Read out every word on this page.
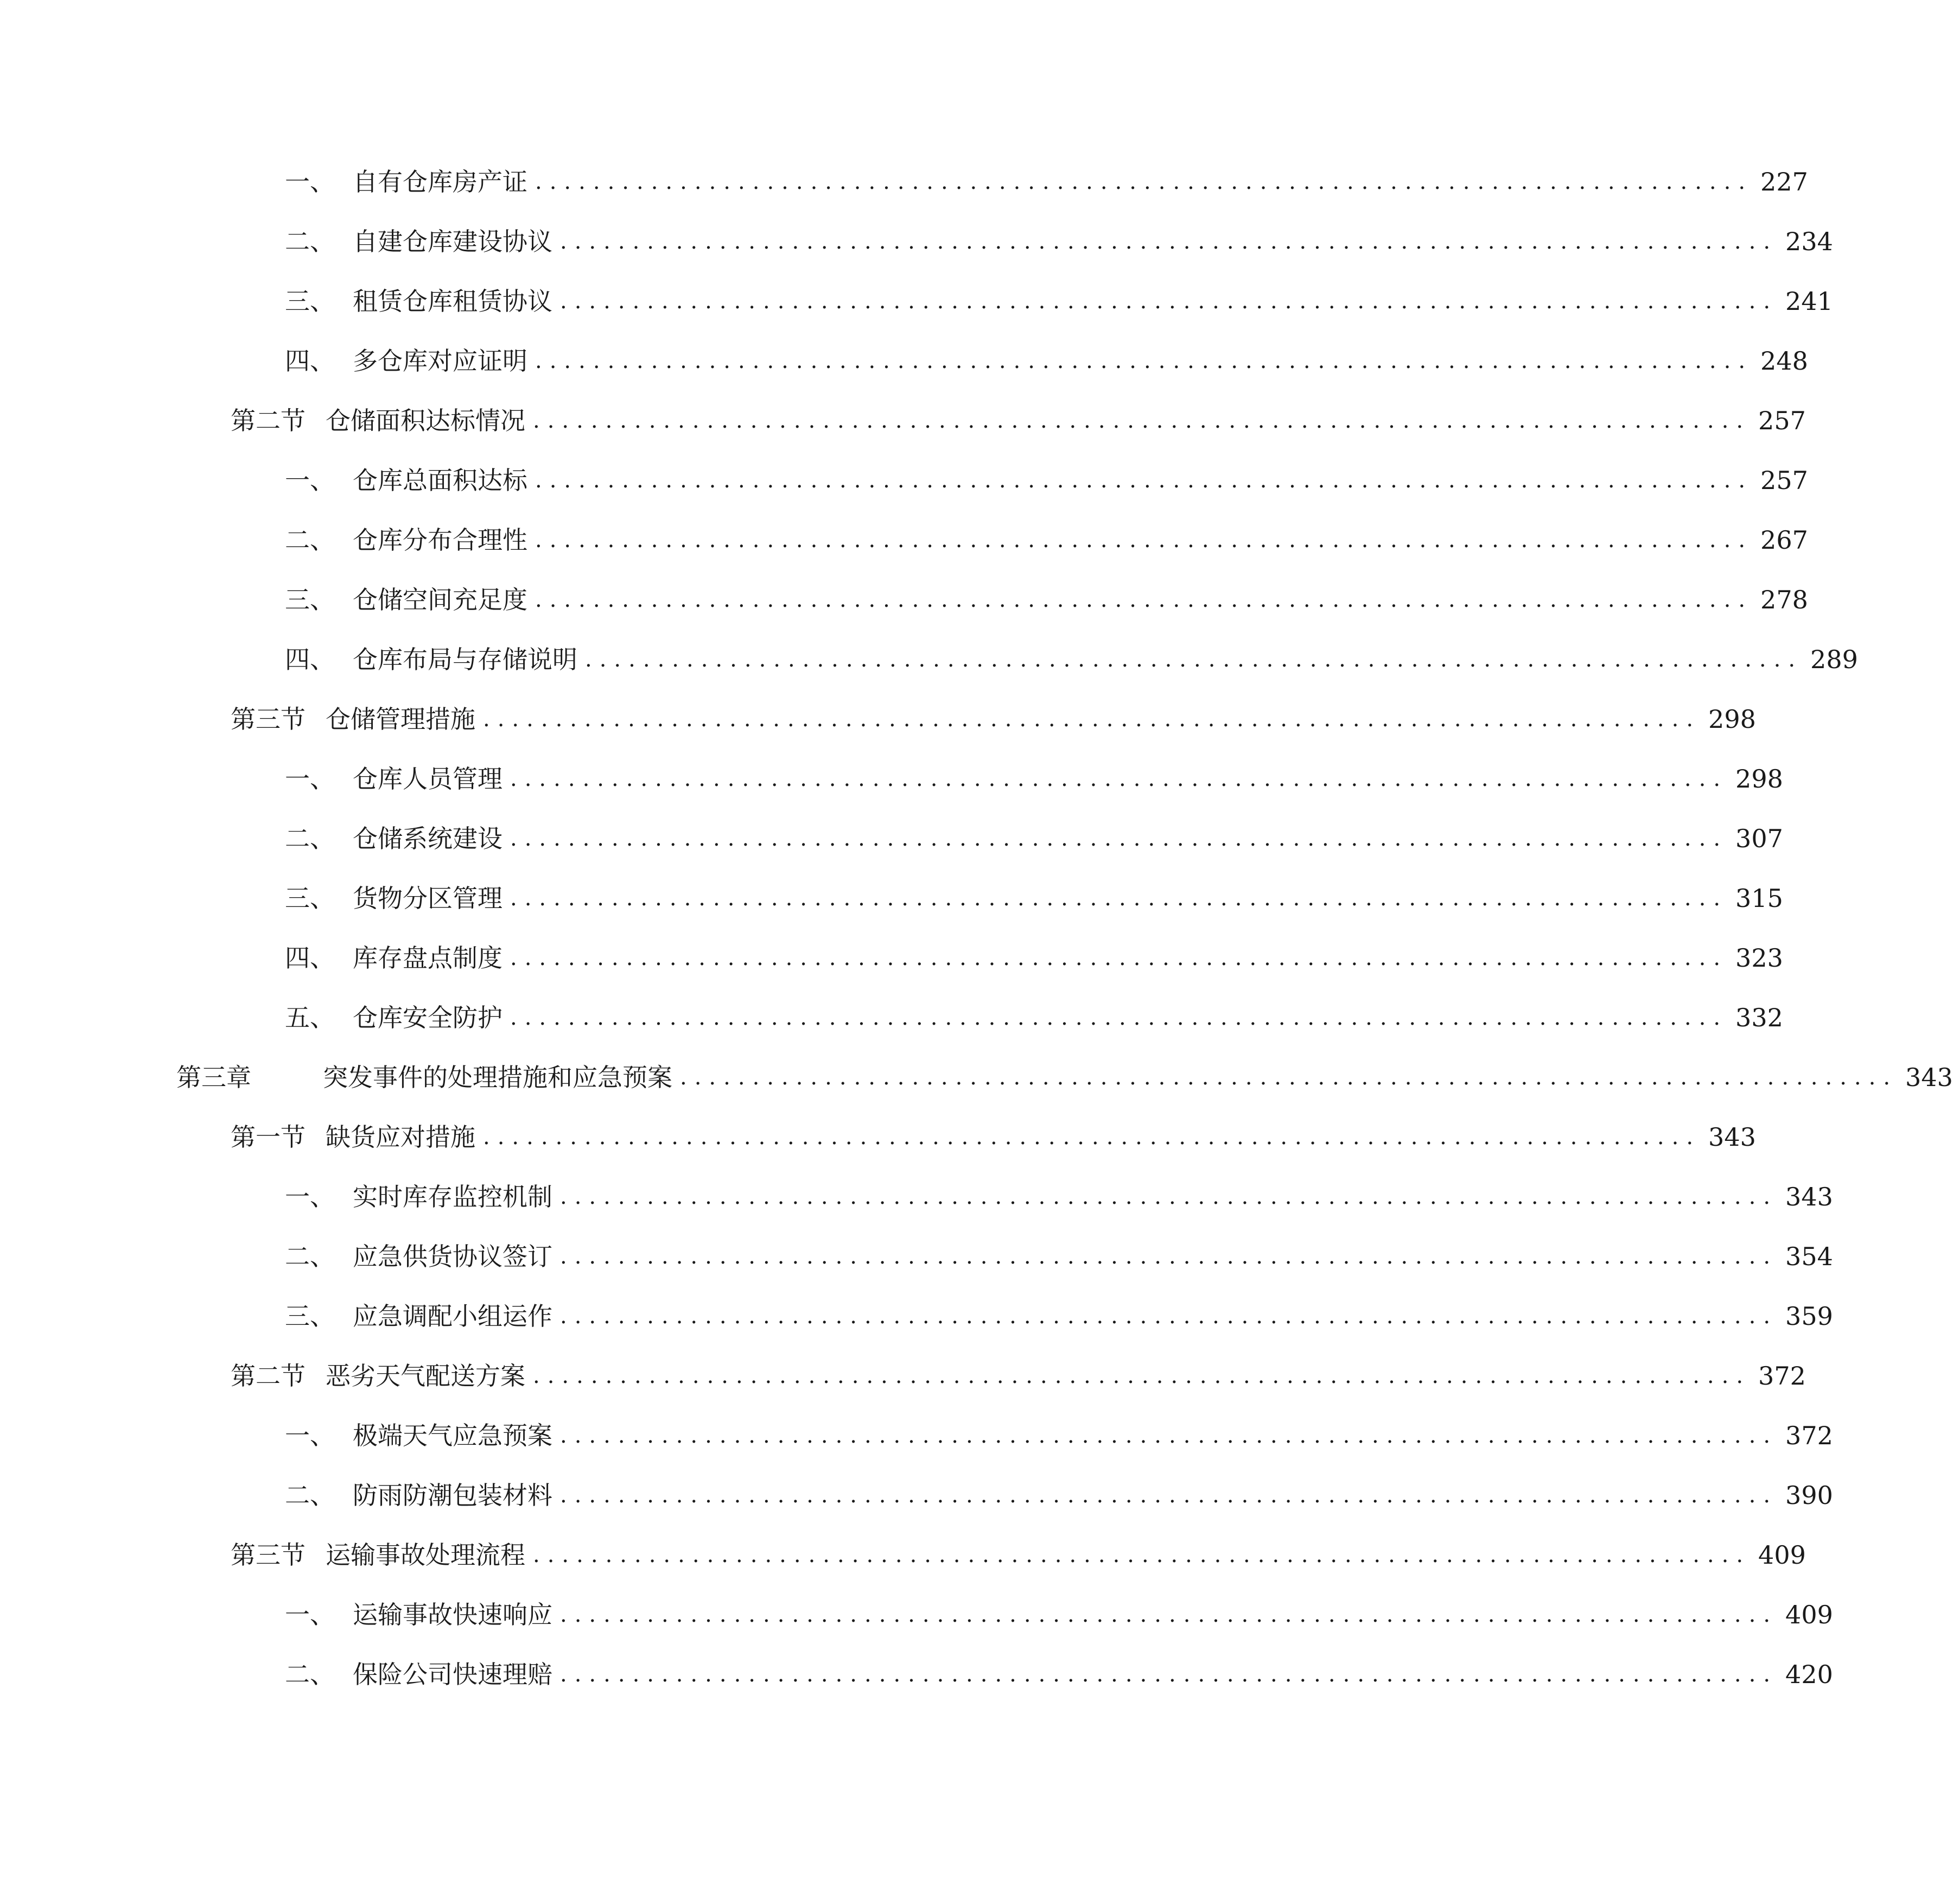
一、 自有仓库房产证 .................................................................................... 227
二、 自建仓库建设协议 .................................................................................... 234
三、 租赁仓库租赁协议 .................................................................................... 241
四、 多仓库对应证明 .................................................................................... 248
第二节 仓储面积达标情况 .................................................................................... 257
一、 仓库总面积达标 .................................................................................... 257
二、 仓库分布合理性 .................................................................................... 267
三、 仓储空间充足度 .................................................................................... 278
四、 仓库布局与存储说明 .................................................................................... 289
第三节 仓储管理措施 .................................................................................... 298
一、 仓库人员管理 .................................................................................... 298
二、 仓储系统建设 .................................................................................... 307
三、 货物分区管理 .................................................................................... 315
四、 库存盘点制度 .................................................................................... 323
五、 仓库安全防护 .................................................................................... 332
第三章	突发事件的处理措施和应急预案 .................................................................................... 343
第一节 缺货应对措施 .................................................................................... 343
一、 实时库存监控机制 .................................................................................... 343
二、 应急供货协议签订 .................................................................................... 354
三、 应急调配小组运作 .................................................................................... 359
第二节 恶劣天气配送方案 .................................................................................... 372
一、 极端天气应急预案 .................................................................................... 372
二、 防雨防潮包装材料 .................................................................................... 390
第三节 运输事故处理流程 .................................................................................... 409
一、 运输事故快速响应 .................................................................................... 409
二、 保险公司快速理赔 .................................................................................... 420
